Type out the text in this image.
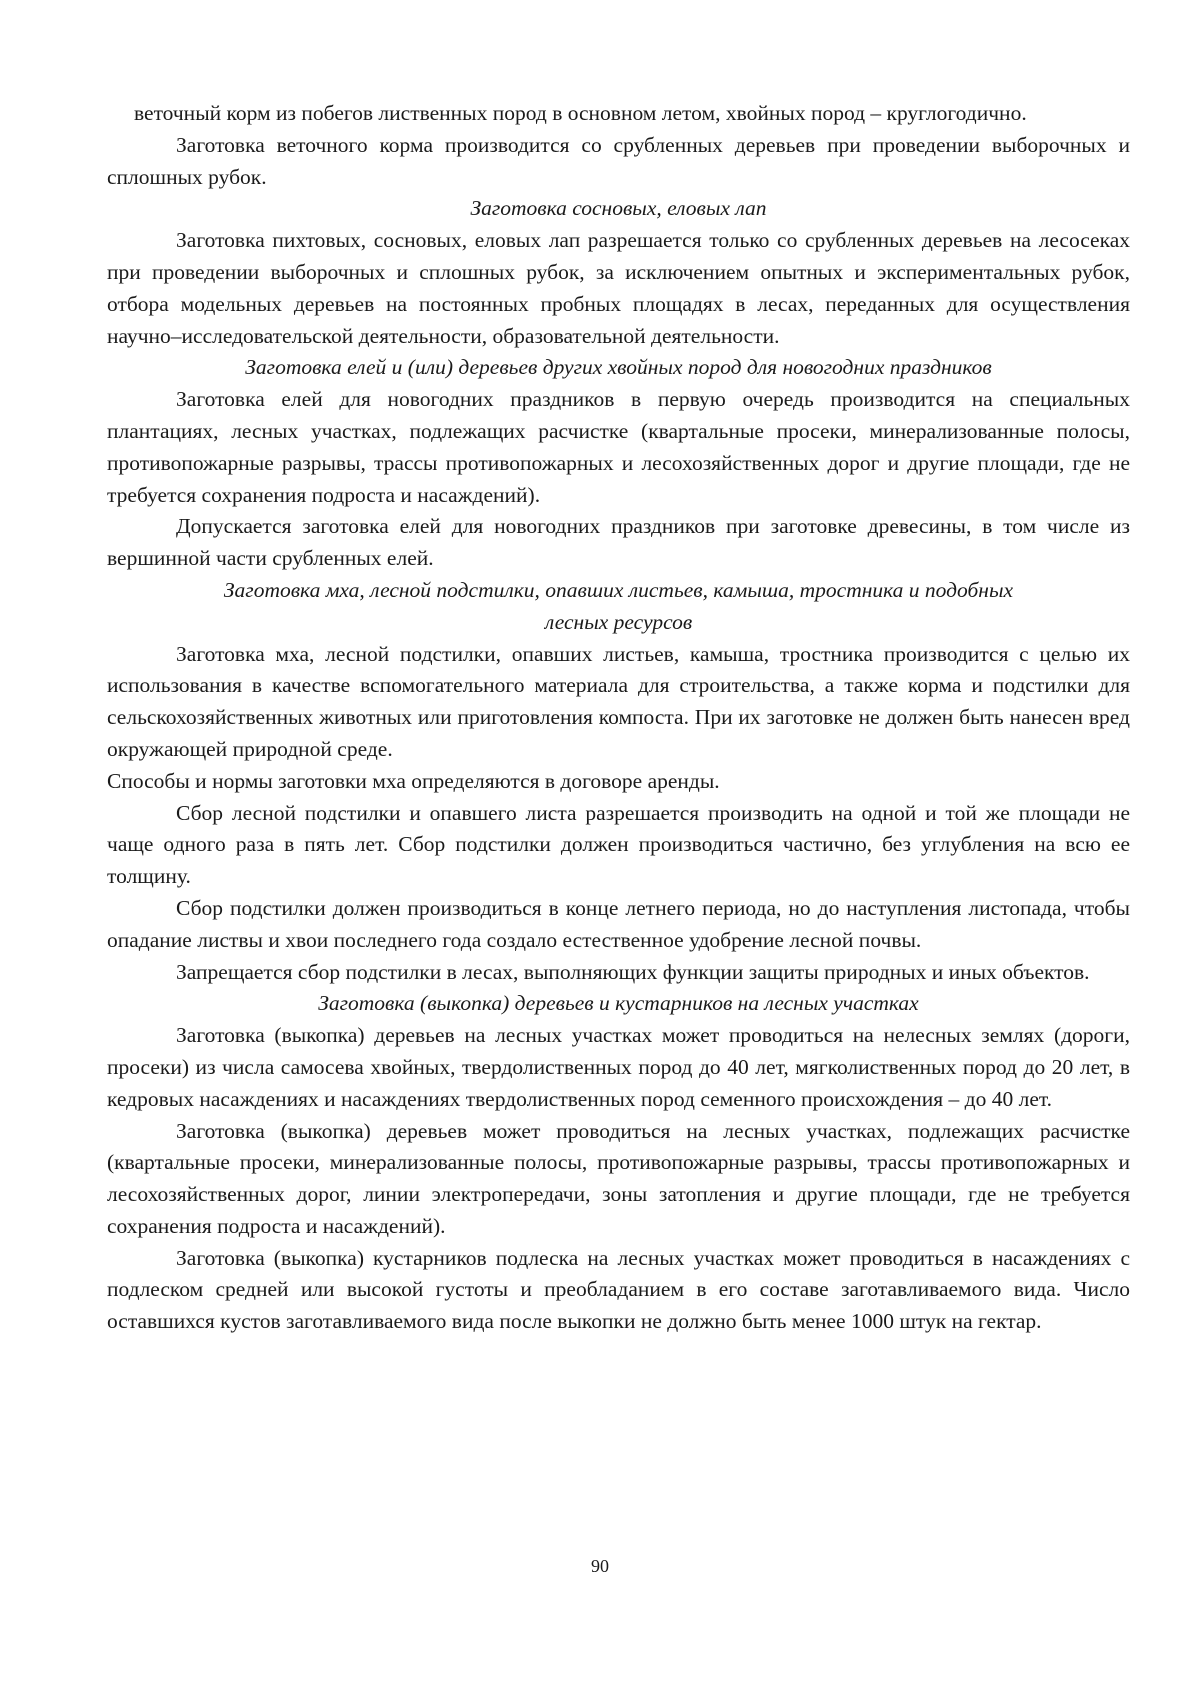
веточный корм из побегов лиственных пород в основном летом, хвойных пород – круглогодично.

Заготовка веточного корма производится со срубленных деревьев при проведении выборочных и сплошных рубок.

Заготовка сосновых, еловых лап

Заготовка пихтовых, сосновых, еловых лап разрешается только со срубленных деревьев на лесосеках при проведении выборочных и сплошных рубок, за исключением опытных и экспериментальных рубок, отбора модельных деревьев на постоянных пробных площадях в лесах, переданных для осуществления научно–исследовательской деятельности, образовательной деятельности.

Заготовка елей и (или) деревьев других хвойных пород для новогодних праздников

Заготовка елей для новогодних праздников в первую очередь производится на специальных плантациях, лесных участках, подлежащих расчистке (квартальные просеки, минерализованные полосы, противопожарные разрывы, трассы противопожарных и лесохозяйственных дорог и другие площади, где не требуется сохранения подроста и насаждений).

Допускается заготовка елей для новогодних праздников при заготовке древесины, в том числе из вершинной части срубленных елей.

Заготовка мха, лесной подстилки, опавших листьев, камыша, тростника и подобных

лесных ресурсов

Заготовка мха, лесной подстилки, опавших листьев, камыша, тростника производится с целью их использования в качестве вспомогательного материала для строительства, а также корма и подстилки для сельскохозяйственных животных или приготовления компоста. При их заготовке не должен быть нанесен вред окружающей природной среде.

Способы и нормы заготовки мха определяются в договоре аренды.

Сбор лесной подстилки и опавшего листа разрешается производить на одной и той же площади не чаще одного раза в пять лет. Сбор подстилки должен производиться частично, без углубления на всю ее толщину.

Сбор подстилки должен производиться в конце летнего периода, но до наступления листопада, чтобы опадание листвы и хвои последнего года создало естественное удобрение лесной почвы.

Запрещается сбор подстилки в лесах, выполняющих функции защиты природных и иных объектов.

Заготовка (выкопка) деревьев и кустарников на лесных участках

Заготовка (выкопка) деревьев на лесных участках может проводиться на нелесных землях (дороги, просеки) из числа самосева хвойных, твердолиственных пород до 40 лет, мягколиственных пород до 20 лет, в кедровых насаждениях и насаждениях твердолиственных пород семенного происхождения – до 40 лет.

Заготовка (выкопка) деревьев может проводиться на лесных участках, подлежащих расчистке (квартальные просеки, минерализованные полосы, противопожарные разрывы, трассы противопожарных и лесохозяйственных дорог, линии электропередачи, зоны затопления и другие площади, где не требуется сохранения подроста и насаждений).

Заготовка (выкопка) кустарников подлеска на лесных участках может проводиться в насаждениях с подлеском средней или высокой густоты и преобладанием в его составе заготавливаемого вида. Число оставшихся кустов заготавливаемого вида после выкопки не должно быть менее 1000 штук на гектар.

90
